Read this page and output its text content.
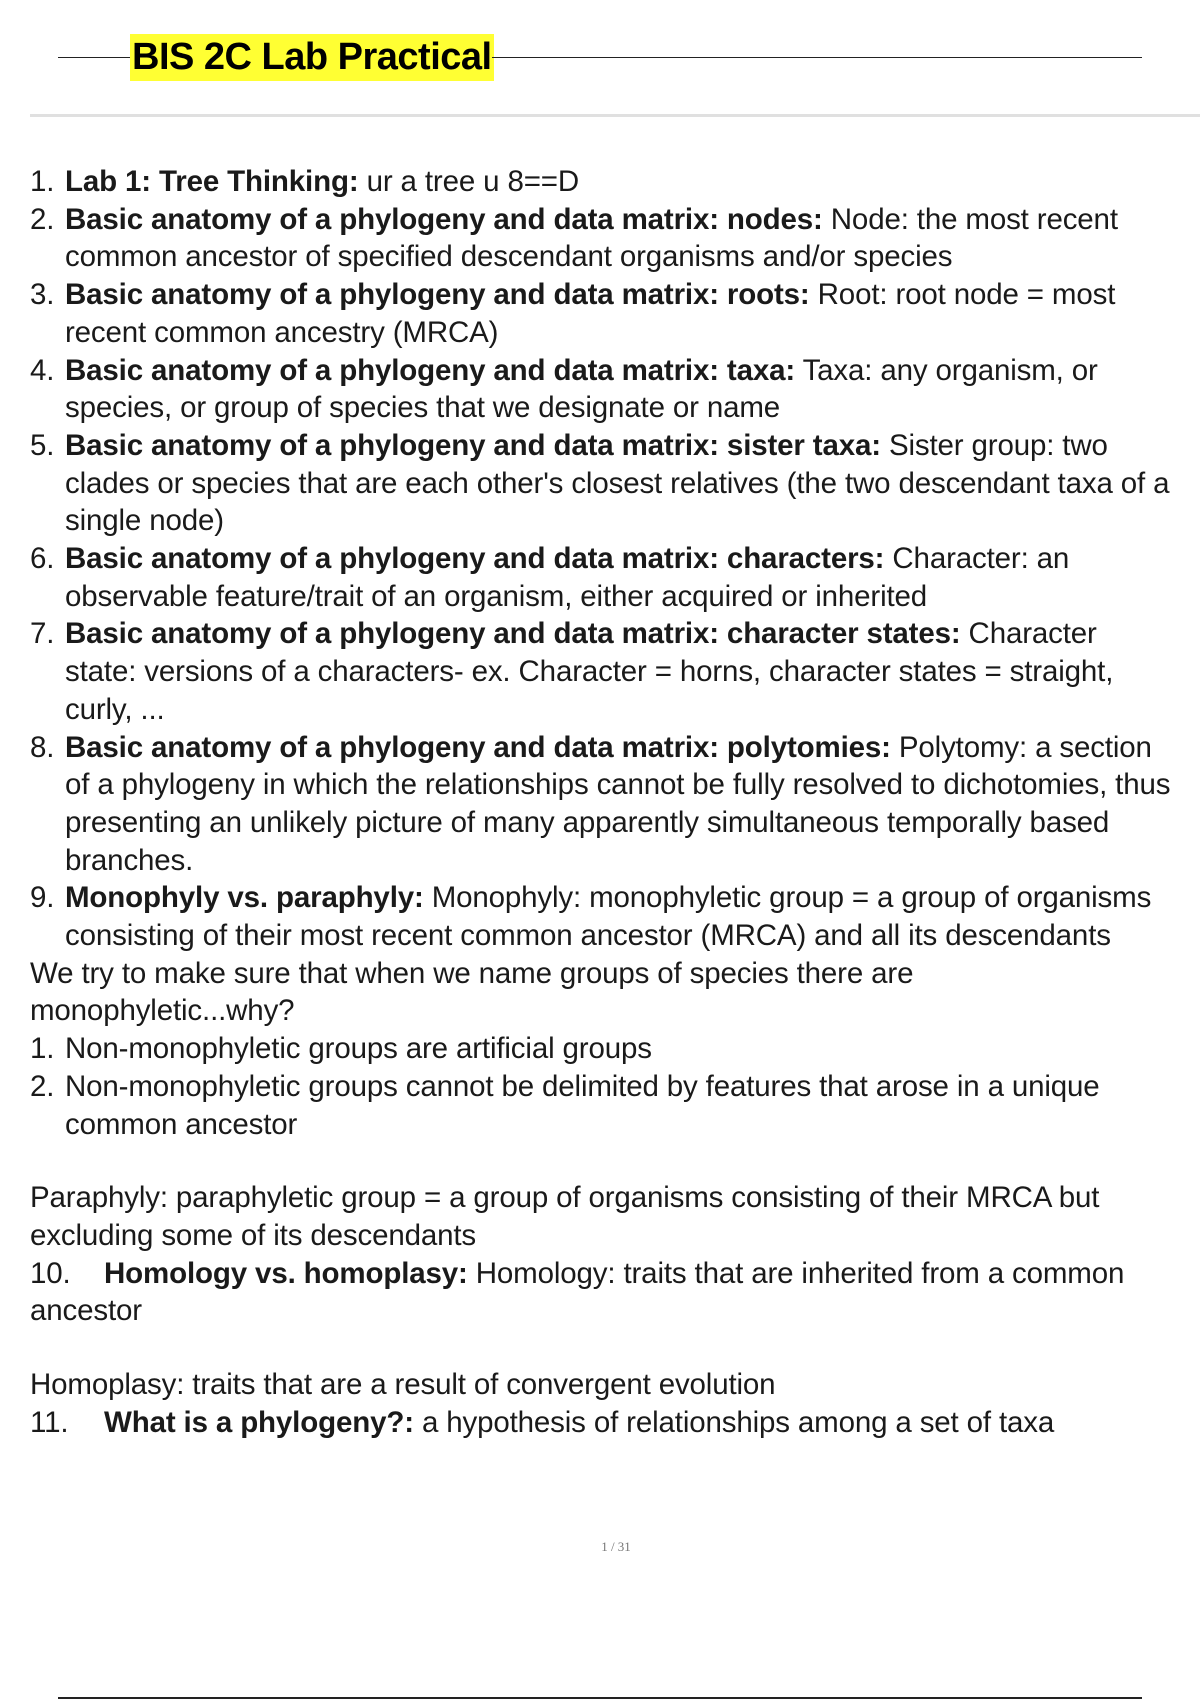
BIS 2C Lab Practical
1. Lab 1: Tree Thinking: ur a tree u 8==D
2. Basic anatomy of a phylogeny and data matrix: nodes: Node: the most recent common ancestor of specified descendant organisms and/or species
3. Basic anatomy of a phylogeny and data matrix: roots: Root: root node = most recent common ancestry (MRCA)
4. Basic anatomy of a phylogeny and data matrix: taxa: Taxa: any organism, or species, or group of species that we designate or name
5. Basic anatomy of a phylogeny and data matrix: sister taxa: Sister group: two clades or species that are each other's closest relatives (the two descendant taxa of a single node)
6. Basic anatomy of a phylogeny and data matrix: characters: Character: an observable feature/trait of an organism, either acquired or inherited
7. Basic anatomy of a phylogeny and data matrix: character states: Character
state: versions of a characters- ex. Character = horns, character states = straight, curly, ...
8. Basic anatomy of a phylogeny and data matrix: polytomies: Polytomy: a section of a phylogeny in which the relationships cannot be fully resolved to dichotomies, thus presenting an unlikely picture of many apparently simultaneous temporally based branches.
9. Monophyly vs. paraphyly: Monophyly: monophyletic group = a group of organisms consisting of their most recent common ancestor (MRCA) and all its descendants

We try to make sure that when we name groups of species there are monophyletic...why?

1. Non-monophyletic groups are artificial groups
2. Non-monophyletic groups cannot be delimited by features that arose in a unique common ancestor

Paraphyly: paraphyletic group = a group of organisms consisting of their MRCA but excluding some of its descendants

10. Homology vs. homoplasy: Homology: traits that are inherited from a common ancestor

Homoplasy: traits that are a result of convergent evolution

11. What is a phylogeny?: a hypothesis of relationships among a set of taxa

1 / 31
